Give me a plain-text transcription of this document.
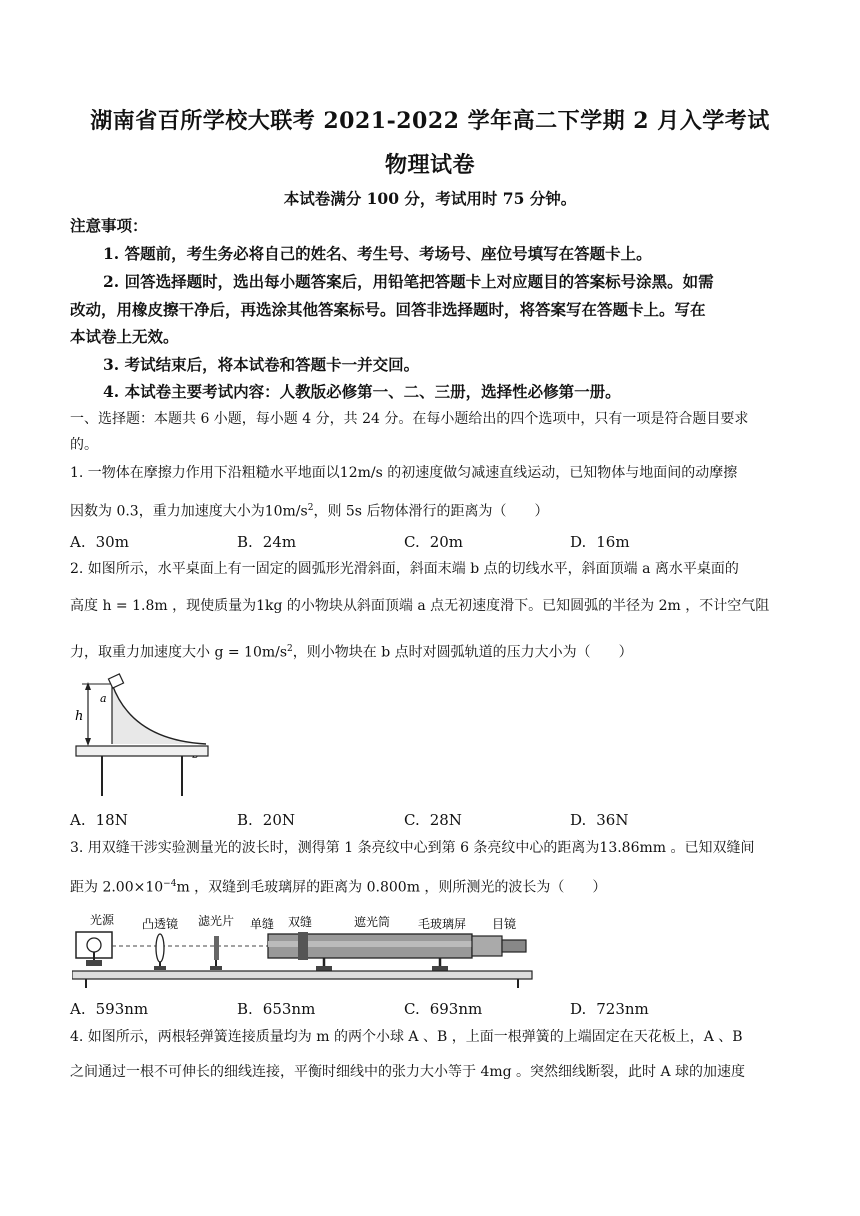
湖南省百所学校大联考 2021-2022 学年高二下学期 2 月入学考试
物理试卷
本试卷满分 100 分，考试用时 75 分钟。
注意事项：
1. 答题前，考生务必将自己的姓名、考生号、考场号、座位号填写在答题卡上。
2. 回答选择题时，选出每小题答案后，用铅笔把答题卡上对应题目的答案标号涂黑。如需
改动，用橡皮擦干净后，再选涂其他答案标号。回答非选择题时，将答案写在答题卡上。写在
本试卷上无效。
3. 考试结束后，将本试卷和答题卡一并交回。
4. 本试卷主要考试内容：人教版必修第一、二、三册，选择性必修第一册。
一、选择题：本题共 6 小题，每小题 4 分，共 24 分。在每小题给出的四个选项中，只有一项是符合题目要求
的。
1. 一物体在摩擦力作用下沿粗糙水平地面以12m/s 的初速度做匀减速直线运动，已知物体与地面间的动摩擦
因数为 0.3，重力加速度大小为$10m/s^2$，则 5s 后物体滑行的距离为（　　）
A. 30m	B. 24m	C. 20m	D. 16m
2. 如图所示，水平桌面上有一固定的圆弧形光滑斜面，斜面末端 b 点的切线水平，斜面顶端 a 离水平桌面的
高度 h = 1.8m ，现使质量为1kg 的小物块从斜面顶端 a 点无初速度滑下。已知圆弧的半径为 2m ，不计空气阻
力，取重力加速度大小 $g = 10m/s^2$，则小物块在 b 点时对圆弧轨道的压力大小为（　　）
h
a
A. 18N	B. 20N	C. 28N	D. 36N
3. 用双缝干涉实验测量光的波长时，测得第 1 条亮纹中心到第 6 条亮纹中心的距离为13.86mm 。已知双缝间
距为 $2.00\times 10^{-4}m$ ，双缝到毛玻璃屏的距离为 0.800m ，则所测光的波长为（　　）
光源 凸透镜 滤光片 单缝 双缝	遮光筒 毛玻璃屏 目镜
A. 593nm	B. 653nm	C. 693nm	D. 723nm
4. 如图所示，两根轻弹簧连接质量均为 m 的两个小球 A 、B ，上面一根弹簧的上端固定在天花板上，A 、B
之间通过一根不可伸长的细线连接，平衡时细线中的张力大小等于 4mg 。突然细线断裂，此时 A 球的加速度
